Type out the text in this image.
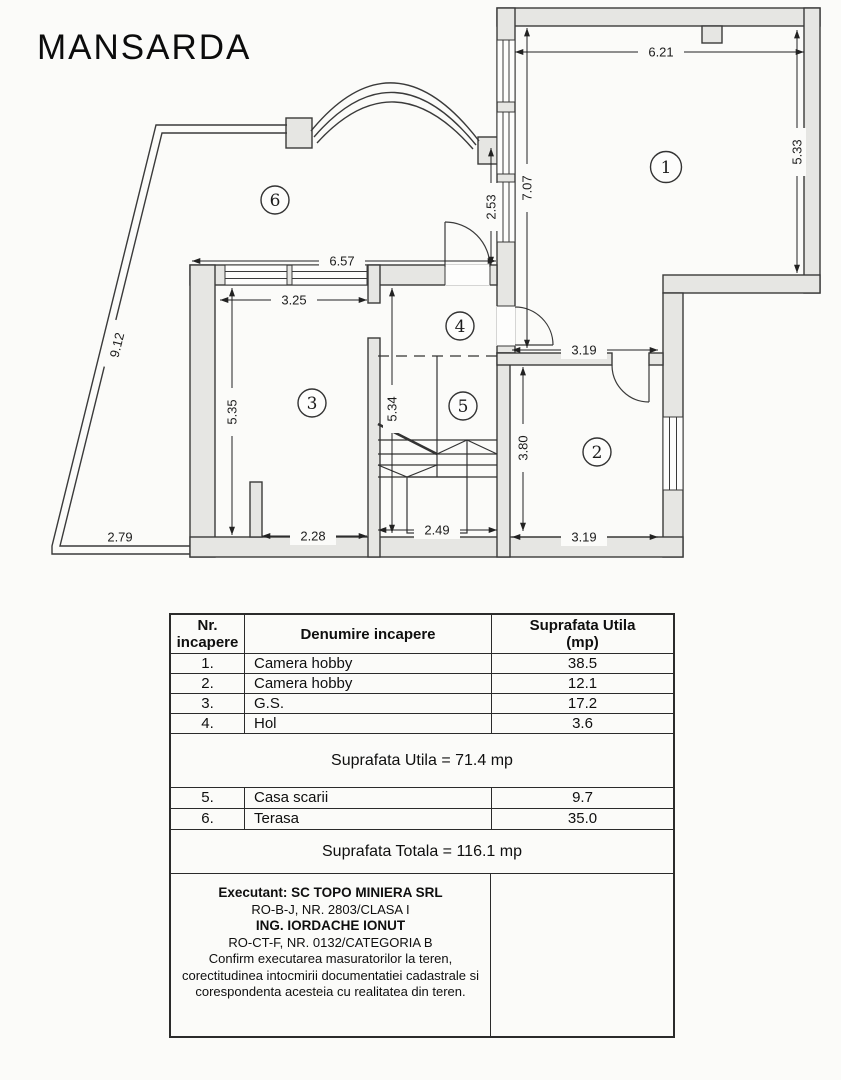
MANSARDA	6.21
5.33
7.07
2.53
6.57
3.25
9.12
2.79
5.35	5.34
3.80
3.19
2.28	2.49	3.19
1
2
3
4
5
6
Nr.
incapere	Denumire incapere	Suprafata Utila
(mp)
1.	Camera hobby	38.5
2.	Camera hobby	12.1
3.	G.S.	17.2
4.	Hol	3.6
Suprafata Utila = 71.4 mp
5.	Casa scarii	9.7
6.	Terasa	35.0
Suprafata Totala = 116.1 mp
Executant: SC TOPO MINIERA SRL
RO-B-J, NR. 2803/CLASA I
ING. IORDACHE IONUT
RO-CT-F, NR. 0132/CATEGORIA B
Confirm executarea masuratorilor la teren, corectitudinea intocmirii documentatiei cadastrale si corespondenta acesteia cu realitatea din teren.
